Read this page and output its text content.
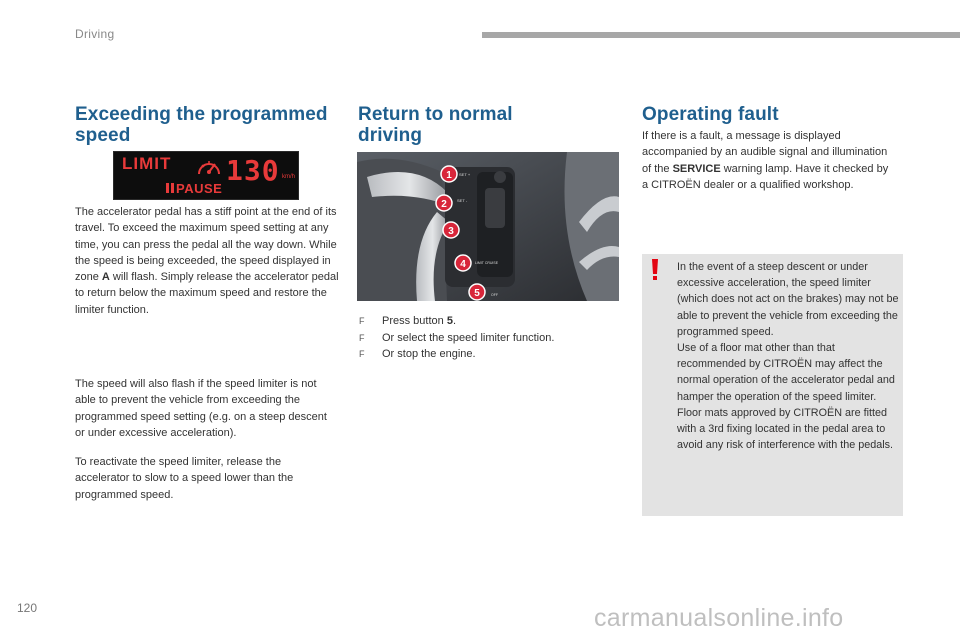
Driving
Exceeding the programmed
speed
LIMIT 130 km/h
PAUSE

The accelerator pedal has a stiff point at the end of its travel. To exceed the maximum speed setting at any time, you can press the pedal all the way down. While the speed is being exceeded, the speed displayed in zone A will flash. Simply release the accelerator pedal to return below the maximum speed and restore the limiter function.

The speed will also flash if the speed limiter is not able to prevent the vehicle from exceeding the programmed speed setting (e.g. on a steep descent or under excessive acceleration).

To reactivate the speed limiter, release the accelerator to slow to a speed lower than the programmed speed.

Return to normal
driving
1
2
3
4
5
SET +
SET -
LIMIT CRUISE
OFF
F	Press button 5.
F	Or select the speed limiter function.
F	Or stop the engine.
Operating fault

If there is a fault, a message is displayed accompanied by an audible signal and illumination of the SERVICE warning lamp. Have it checked by a CITROËN dealer or a qualified workshop.

In the event of a steep descent or under excessive acceleration, the speed limiter (which does not act on the brakes) may not be able to prevent the vehicle from exceeding the programmed speed.

Use of a floor mat other than that recommended by CITROËN may affect the normal operation of the accelerator pedal and hamper the operation of the speed limiter.

Floor mats approved by CITROËN are fitted with a 3rd fixing located in the pedal area to avoid any risk of interference with the pedals.

120	carmanualsonline.info
